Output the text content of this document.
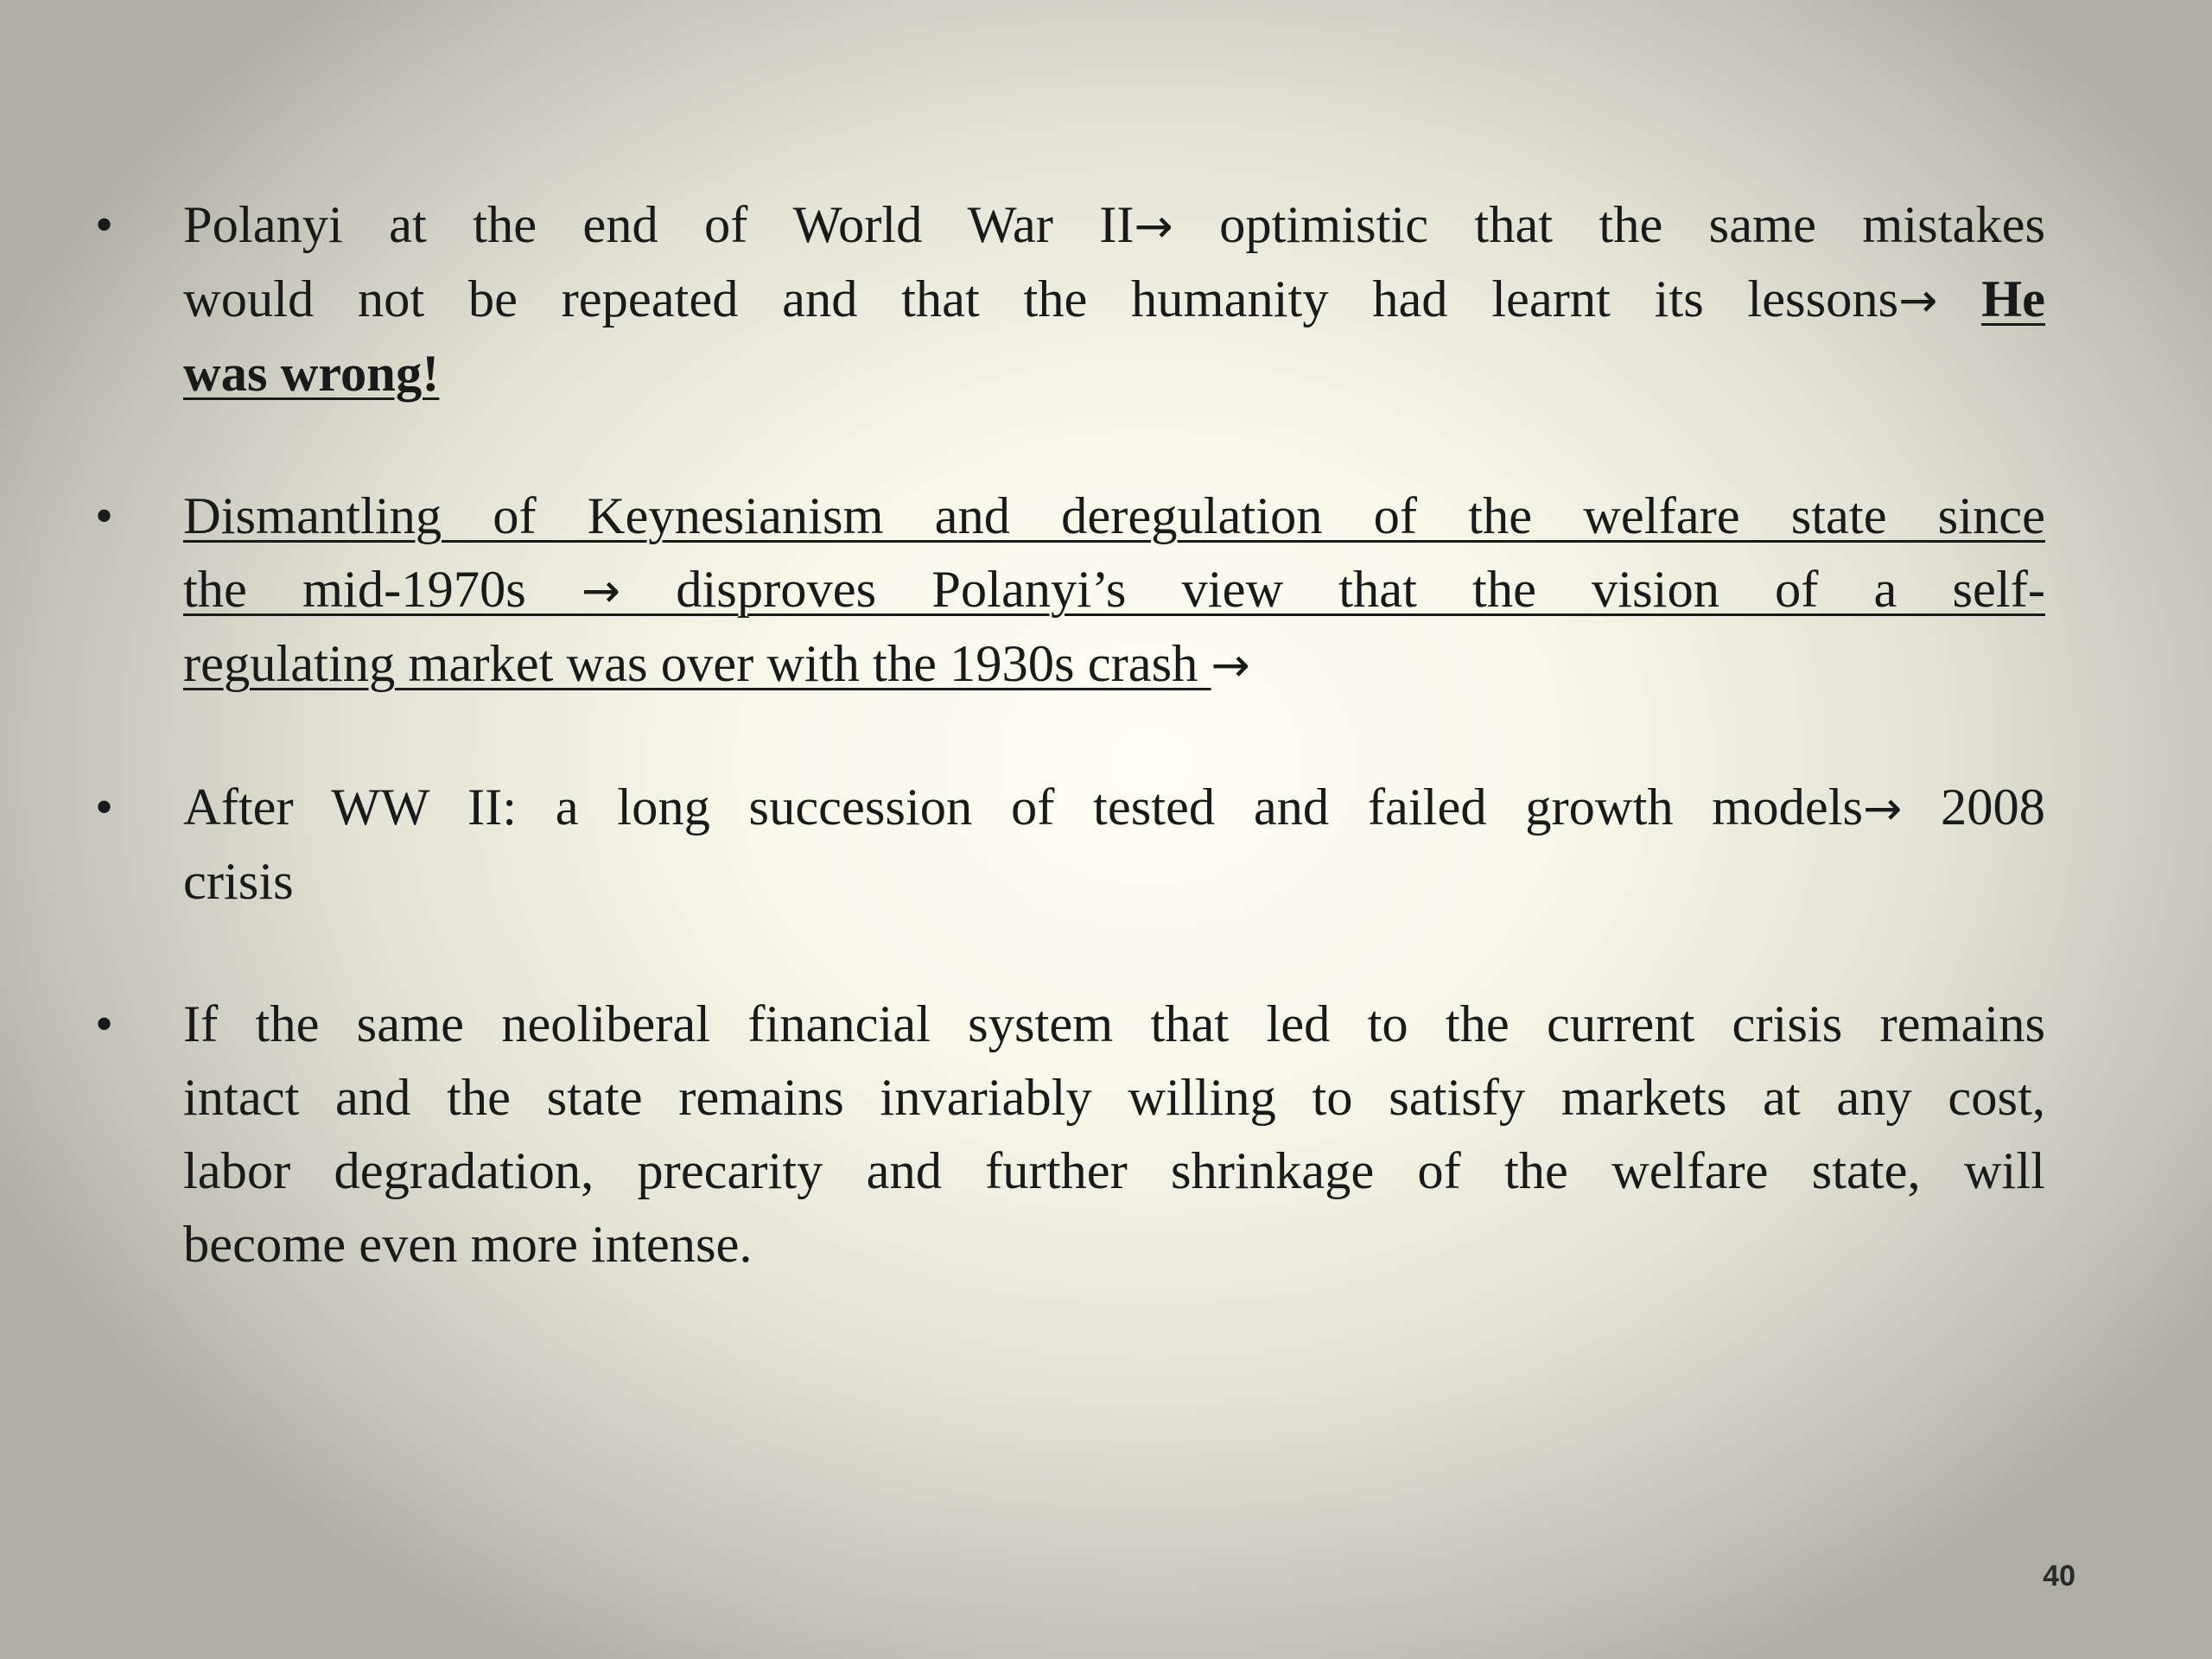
• Polanyi at the end of World War II→ optimistic that the same mistakes
would not be repeated and that the humanity had learnt its lessons→ He
was wrong!
• Dismantling of Keynesianism and deregulation of the welfare state since
the mid-1970s → disproves Polanyi’s view that the vision of a self-
regulating market was over with the 1930s crash →
• After WW II: a long succession of tested and failed growth models→ 2008
crisis
• If the same neoliberal financial system that led to the current crisis remains
intact and the state remains invariably willing to satisfy markets at any cost,
labor degradation, precarity and further shrinkage of the welfare state, will
become even more intense.
40
